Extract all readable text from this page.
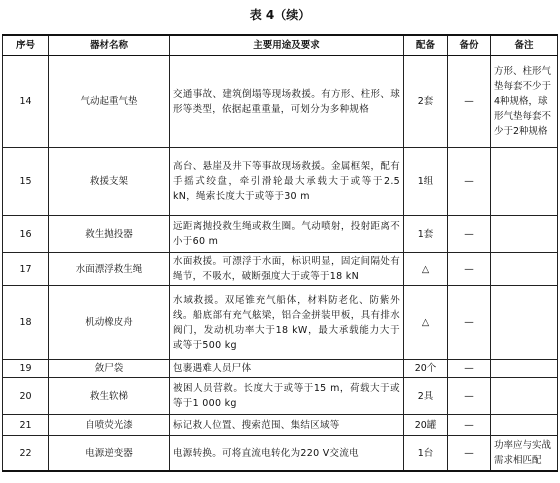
表 4（续）
序号	器材名称	主要用途及要求	配备	备份	备注
14	气动起重气垫	交通事故、建筑倒塌等现场救援。有方形、柱形、球形等类型，依据起重重量，可划分为多种规格	2套	—	方形、柱形气垫每套不少于4种规格，球形气垫每套不少于2种规格
15	救援支架	高台、悬崖及井下等事故现场救援。金属框架，配有手摇式绞盘，牵引滑轮最大承载大于或等于2.5 kN，绳索长度大于或等于30 m	1组	—	
16	救生抛投器	远距离抛投救生绳或救生圈。气动喷射，投射距离不小于60 m	1套	—	
17	水面漂浮救生绳	水面救援。可漂浮于水面，标识明显，固定间隔处有绳节，不吸水，破断强度大于或等于18 kN	△	—	
18	机动橡皮舟	水域救援。双尾锥充气船体，材料防老化、防紫外线。船底部有充气舷梁，铝合金拼装甲板，具有排水阀门，发动机功率大于18 kW，最大承载能力大于或等于500 kg	△	—	
19	敛尸袋	包裹遇难人员尸体	20个	—	
20	救生软梯	被困人员营救。长度大于或等于15 m，荷载大于或等于1 000 kg	2具	—	
21	自喷荧光漆	标记救人位置、搜索范围、集结区域等	20罐	—	
22	电源逆变器	电源转换。可将直流电转化为220 V交流电	1台	—	功率应与实战需求相匹配
